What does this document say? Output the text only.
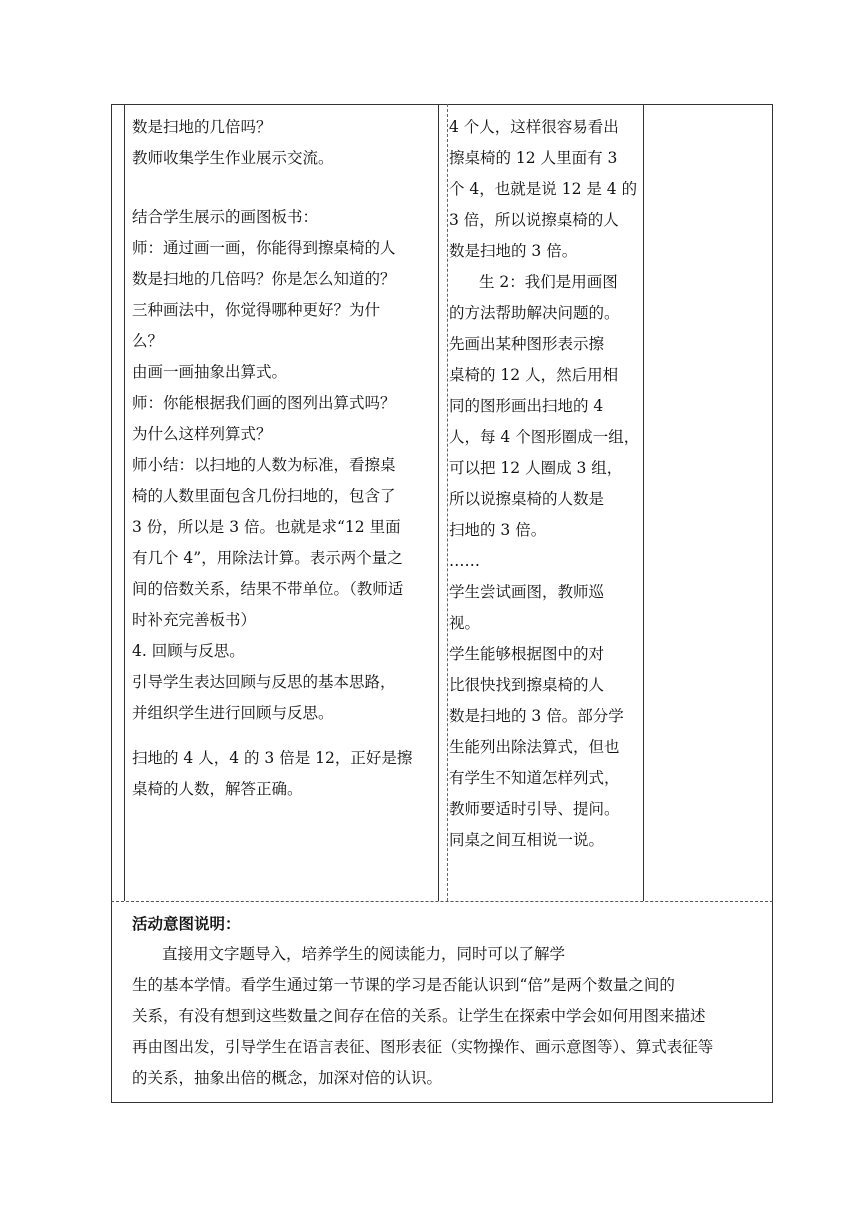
数是扫地的几倍吗？
教师收集学生作业展示交流。
结合学生展示的画图板书：
师：通过画一画，你能得到擦桌椅的人
数是扫地的几倍吗？你是怎么知道的？
三种画法中，你觉得哪种更好？为什
么？
由画一画抽象出算式。
师：你能根据我们画的图列出算式吗？
为什么这样列算式？
师小结：以扫地的人数为标准，看擦桌
椅的人数里面包含几份扫地的，包含了
3 份，所以是 3 倍。也就是求“12 里面
有几个 4”，用除法计算。表示两个量之
间的倍数关系，结果不带单位。（教师适
时补充完善板书）
4. 回顾与反思。
引导学生表达回顾与反思的基本思路，
并组织学生进行回顾与反思。
扫地的 4 人，4 的 3 倍是 12，正好是擦
桌椅的人数，解答正确。
4 个人，这样很容易看出
擦桌椅的 12 人里面有 3
个 4，也就是说 12 是 4 的
3 倍，所以说擦桌椅的人
数是扫地的 3 倍。
生 2：我们是用画图
的方法帮助解决问题的。
先画出某种图形表示擦
桌椅的 12 人，然后用相
同的图形画出扫地的 4
人，每 4 个图形圈成一组，
可以把 12 人圈成 3 组，
所以说擦桌椅的人数是
扫地的 3 倍。
……
学生尝试画图，教师巡
视。
学生能够根据图中的对
比很快找到擦桌椅的人
数是扫地的 3 倍。部分学
生能列出除法算式，但也
有学生不知道怎样列式，
教师要适时引导、提问。
同桌之间互相说一说。
活动意图说明：
直接用文字题导入，培养学生的阅读能力，同时可以了解学
生的基本学情。看学生通过第一节课的学习是否能认识到“倍”是两个数量之间的
关系，有没有想到这些数量之间存在倍的关系。让学生在探索中学会如何用图来描述
再由图出发，引导学生在语言表征、图形表征（实物操作、画示意图等）、算式表征等
的关系，抽象出倍的概念，加深对倍的认识。
